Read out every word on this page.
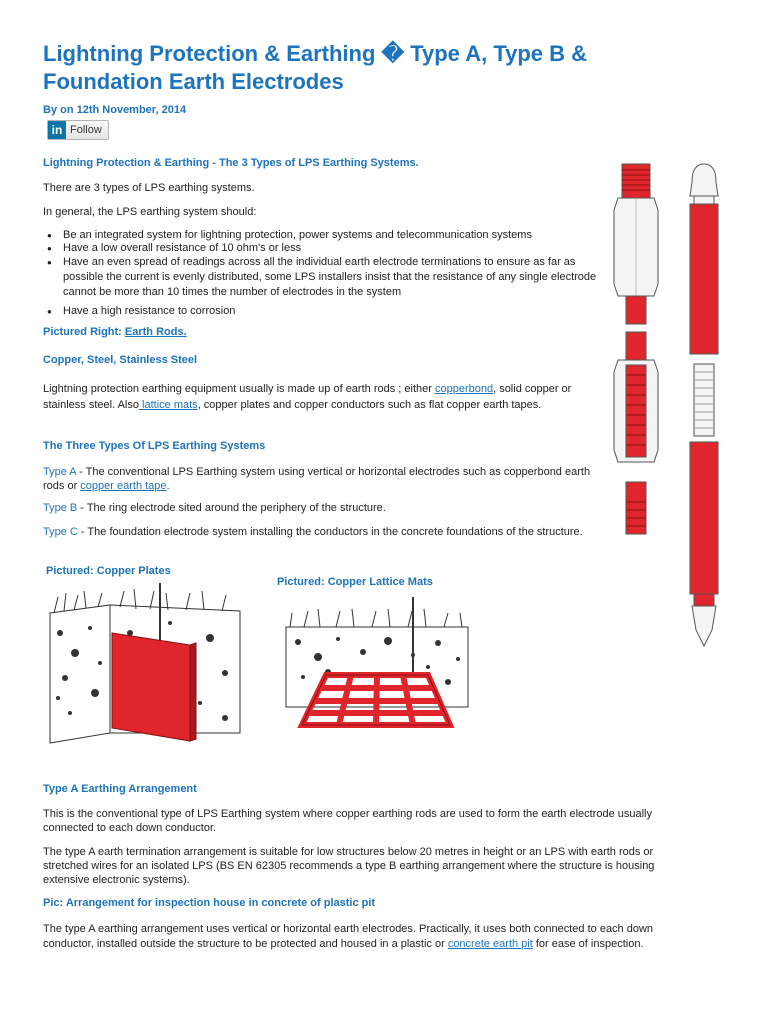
Lightning Protection & Earthing � Type A, Type B & Foundation Earth Electrodes
By on 12th November, 2014
in Follow
Lightning Protection & Earthing - The 3 Types of LPS Earthing Systems.
There are 3 types of LPS earthing systems.
In general, the LPS earthing system should:
● Be an integrated system for lightning protection, power systems and telecommunication systems
● Have a low overall resistance of 10 ohm's or less
● Have an even spread of readings across all the individual earth electrode terminations to ensure as far as possible the current is evenly distributed, some LPS installers insist that the resistance of any single electrode cannot be more than 10 times the number of electrodes in the system
● Have a high resistance to corrosion
Pictured Right: Earth Rods.
Copper, Steel, Stainless Steel
Lightning protection earthing equipment usually is made up of earth rods ; either copperbond, solid copper or stainless steel. Also lattice mats, copper plates and copper conductors such as flat copper earth tapes.
The Three Types Of LPS Earthing Systems
Type A - The conventional LPS Earthing system using vertical or horizontal electrodes such as copperbond earth rods or copper earth tape.
Type B - The ring electrode sited around the periphery of the structure.
Type C - The foundation electrode system installing the conductors in the concrete foundations of the structure.
Pictured: Copper Plates
Pictured: Copper Lattice Mats
Type A Earthing Arrangement
This is the conventional type of LPS Earthing system where copper earthing rods are used to form the earth electrode usually connected to each down conductor.
The type A earth termination arrangement is suitable for low structures below 20 metres in height or an LPS with earth rods or stretched wires for an isolated LPS (BS EN 62305 recommends a type B earthing arrangement where the structure is housing extensive electronic systems).
Pic: Arrangement for inspection house in concrete of plastic pit
The type A earthing arrangement uses vertical or horizontal earth electrodes. Practically, it uses both connected to each down conductor, installed outside the structure to be protected and housed in a plastic or concrete earth pit for ease of inspection.
